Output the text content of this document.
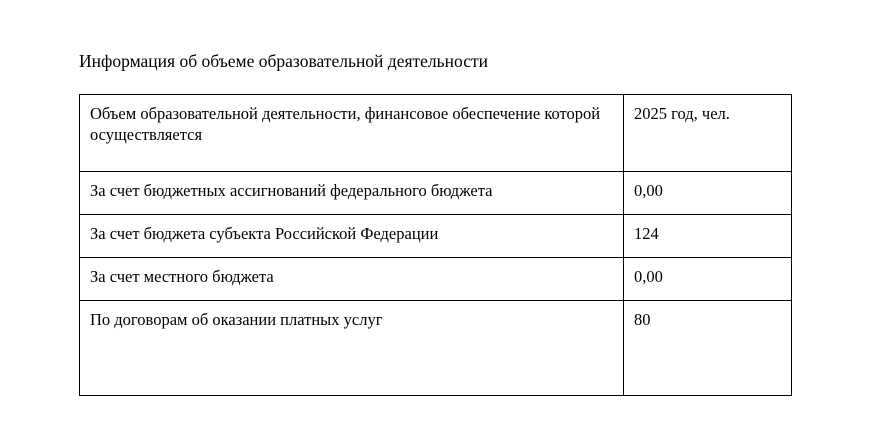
Информация об объеме образовательной деятельности
Объем образовательной деятельности, финансовое обеспечение которой осуществляется	2025 год, чел.
За счет бюджетных ассигнований федерального бюджета	0,00
За счет бюджета субъекта Российской Федерации	124
За счет местного бюджета	0,00
По договорам об оказании платных услуг	80
